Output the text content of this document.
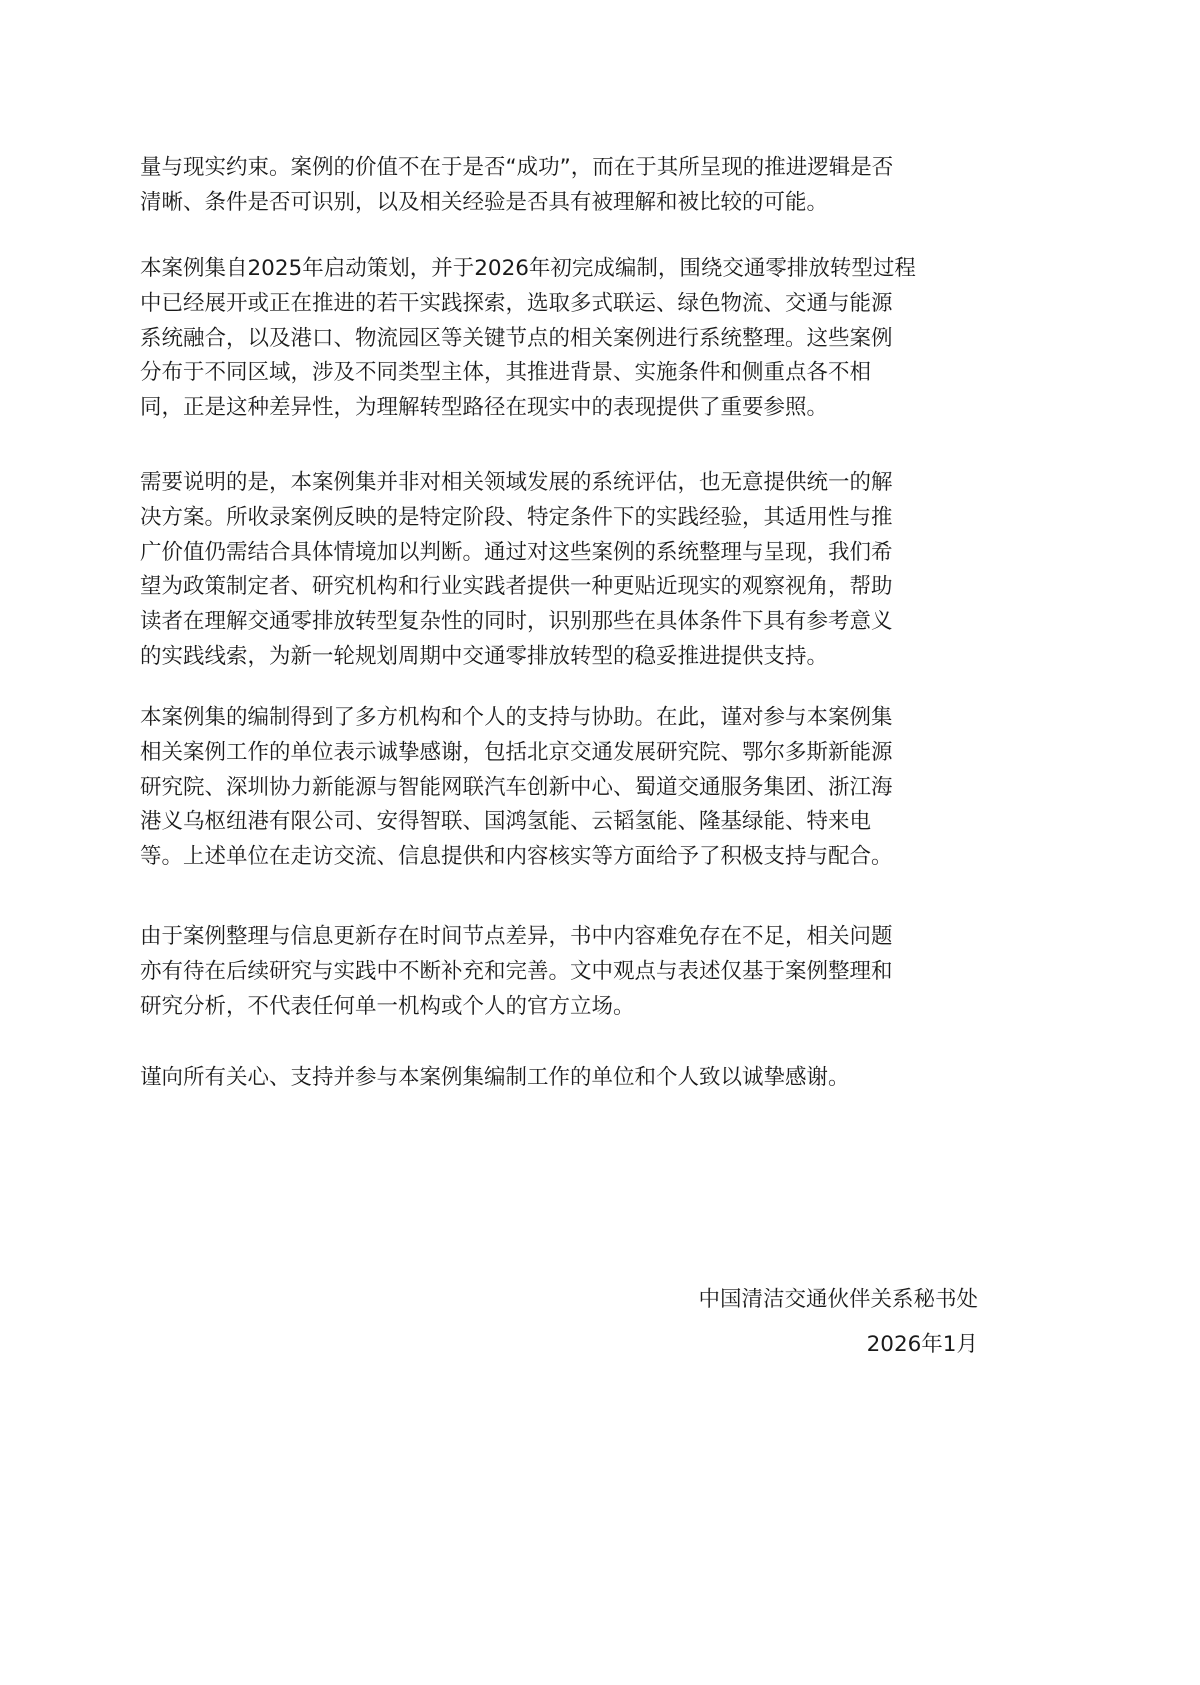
量与现实约束。案例的价值不在于是否“成功”，而在于其所呈现的推进逻辑是否
清晰、条件是否可识别，以及相关经验是否具有被理解和被比较的可能。
本案例集自2025年启动策划，并于2026年初完成编制，围绕交通零排放转型过程
中已经展开或正在推进的若干实践探索，选取多式联运、绿色物流、交通与能源
系统融合，以及港口、物流园区等关键节点的相关案例进行系统整理。这些案例
分布于不同区域，涉及不同类型主体，其推进背景、实施条件和侧重点各不相
同，正是这种差异性，为理解转型路径在现实中的表现提供了重要参照。
需要说明的是，本案例集并非对相关领域发展的系统评估，也无意提供统一的解
决方案。所收录案例反映的是特定阶段、特定条件下的实践经验，其适用性与推
广价值仍需结合具体情境加以判断。通过对这些案例的系统整理与呈现，我们希
望为政策制定者、研究机构和行业实践者提供一种更贴近现实的观察视角，帮助
读者在理解交通零排放转型复杂性的同时，识别那些在具体条件下具有参考意义
的实践线索，为新一轮规划周期中交通零排放转型的稳妥推进提供支持。
本案例集的编制得到了多方机构和个人的支持与协助。在此，谨对参与本案例集
相关案例工作的单位表示诚挚感谢，包括北京交通发展研究院、鄂尔多斯新能源
研究院、深圳协力新能源与智能网联汽车创新中心、蜀道交通服务集团、浙江海
港义乌枢纽港有限公司、安得智联、国鸿氢能、云韬氢能、隆基绿能、特来电
等。上述单位在走访交流、信息提供和内容核实等方面给予了积极支持与配合。
由于案例整理与信息更新存在时间节点差异，书中内容难免存在不足，相关问题
亦有待在后续研究与实践中不断补充和完善。文中观点与表述仅基于案例整理和
研究分析，不代表任何单一机构或个人的官方立场。
谨向所有关心、支持并参与本案例集编制工作的单位和个人致以诚挚感谢。
中国清洁交通伙伴关系秘书处
2026年1月
